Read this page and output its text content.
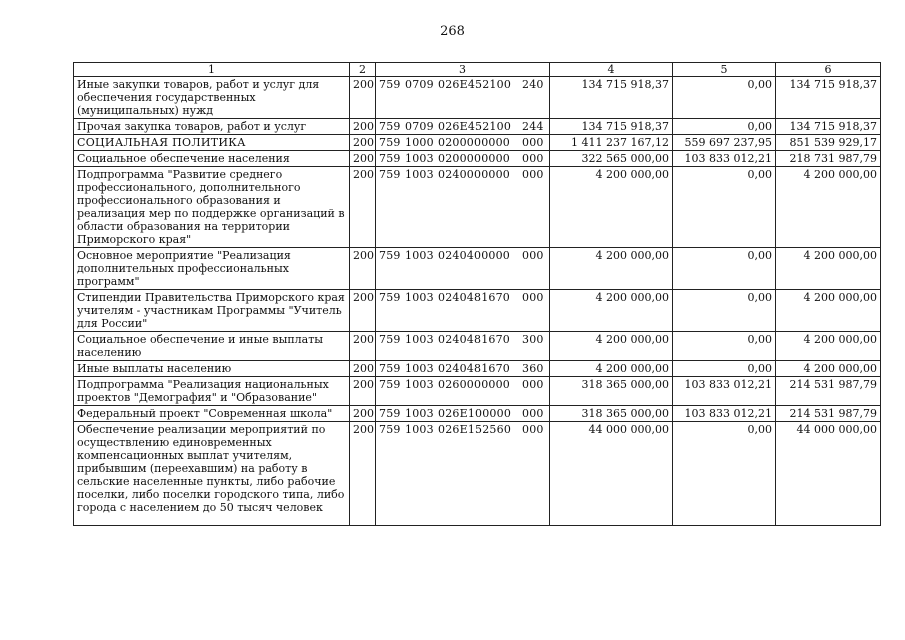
268
1	2	3	4	5	6
Иные закупки товаров, работ и услуг для обеспечения государственных (муниципальных) нужд	200	759 0709 026E452100 240	134 715 918,37	0,00	134 715 918,37
Прочая закупка товаров, работ и услуг	200	759 0709 026E452100 244	134 715 918,37	0,00	134 715 918,37
СОЦИАЛЬНАЯ ПОЛИТИКА	200	759 1000 0200000000 000	1 411 237 167,12	559 697 237,95	851 539 929,17
Социальное обеспечение населения	200	759 1003 0200000000 000	322 565 000,00	103 833 012,21	218 731 987,79
Подпрограмма "Развитие среднего профессионального, дополнительного профессионального образования и реализация мер по поддержке организаций в области образования на территории Приморского края"	200	759 1003 0240000000 000	4 200 000,00	0,00	4 200 000,00
Основное мероприятие "Реализация дополнительных профессиональных программ"	200	759 1003 0240400000 000	4 200 000,00	0,00	4 200 000,00
Стипендии Правительства Приморского края учителям - участникам Программы "Учитель для России"	200	759 1003 0240481670 000	4 200 000,00	0,00	4 200 000,00
Социальное обеспечение и иные выплаты населению	200	759 1003 0240481670 300	4 200 000,00	0,00	4 200 000,00
Иные выплаты населению	200	759 1003 0240481670 360	4 200 000,00	0,00	4 200 000,00
Подпрограмма "Реализация национальных проектов "Демография" и "Образование"	200	759 1003 0260000000 000	318 365 000,00	103 833 012,21	214 531 987,79
Федеральный проект "Современная школа"	200	759 1003 026E100000 000	318 365 000,00	103 833 012,21	214 531 987,79
Обеспечение реализации мероприятий по осуществлению единовременных компенсационных выплат учителям, прибывшим (переехавшим) на работу в сельские населенные пункты, либо рабочие поселки, либо поселки городского типа, либо города с населением до 50 тысяч человек	200	759 1003 026E152560 000	44 000 000,00	0,00	44 000 000,00
